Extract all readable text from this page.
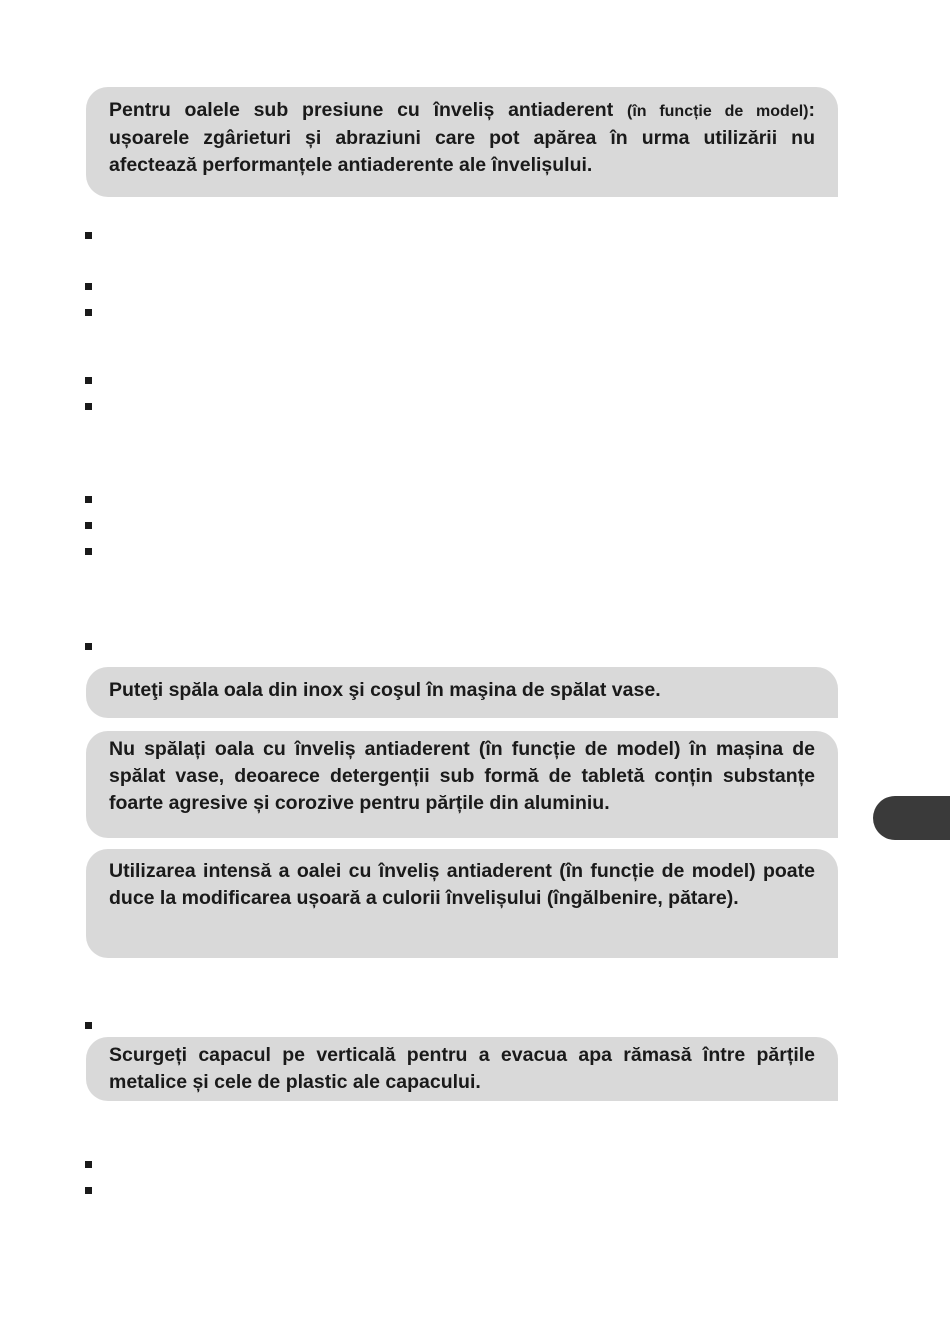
Pentru oalele sub presiune cu înveliș antiaderent (în funcție de model): ușoarele zgârieturi și abraziuni care pot apărea în urma utilizării nu afectează performanțele antiaderente ale învelișului.

Puteţi spăla oala din inox şi coşul în maşina de spălat vase.

Nu spălați oala cu înveliș antiaderent (în funcție de model) în mașina de spălat vase, deoarece detergenții sub formă de tabletă conțin substanțe foarte agresive și corozive pentru părțile din aluminiu.

Utilizarea intensă a oalei cu înveliș antiaderent (în funcție de model) poate duce la modificarea ușoară a culorii învelișului (îngălbenire, pătare).

Scurgeți capacul pe verticală pentru a evacua apa rămasă între părțile metalice și cele de plastic ale capacului.
